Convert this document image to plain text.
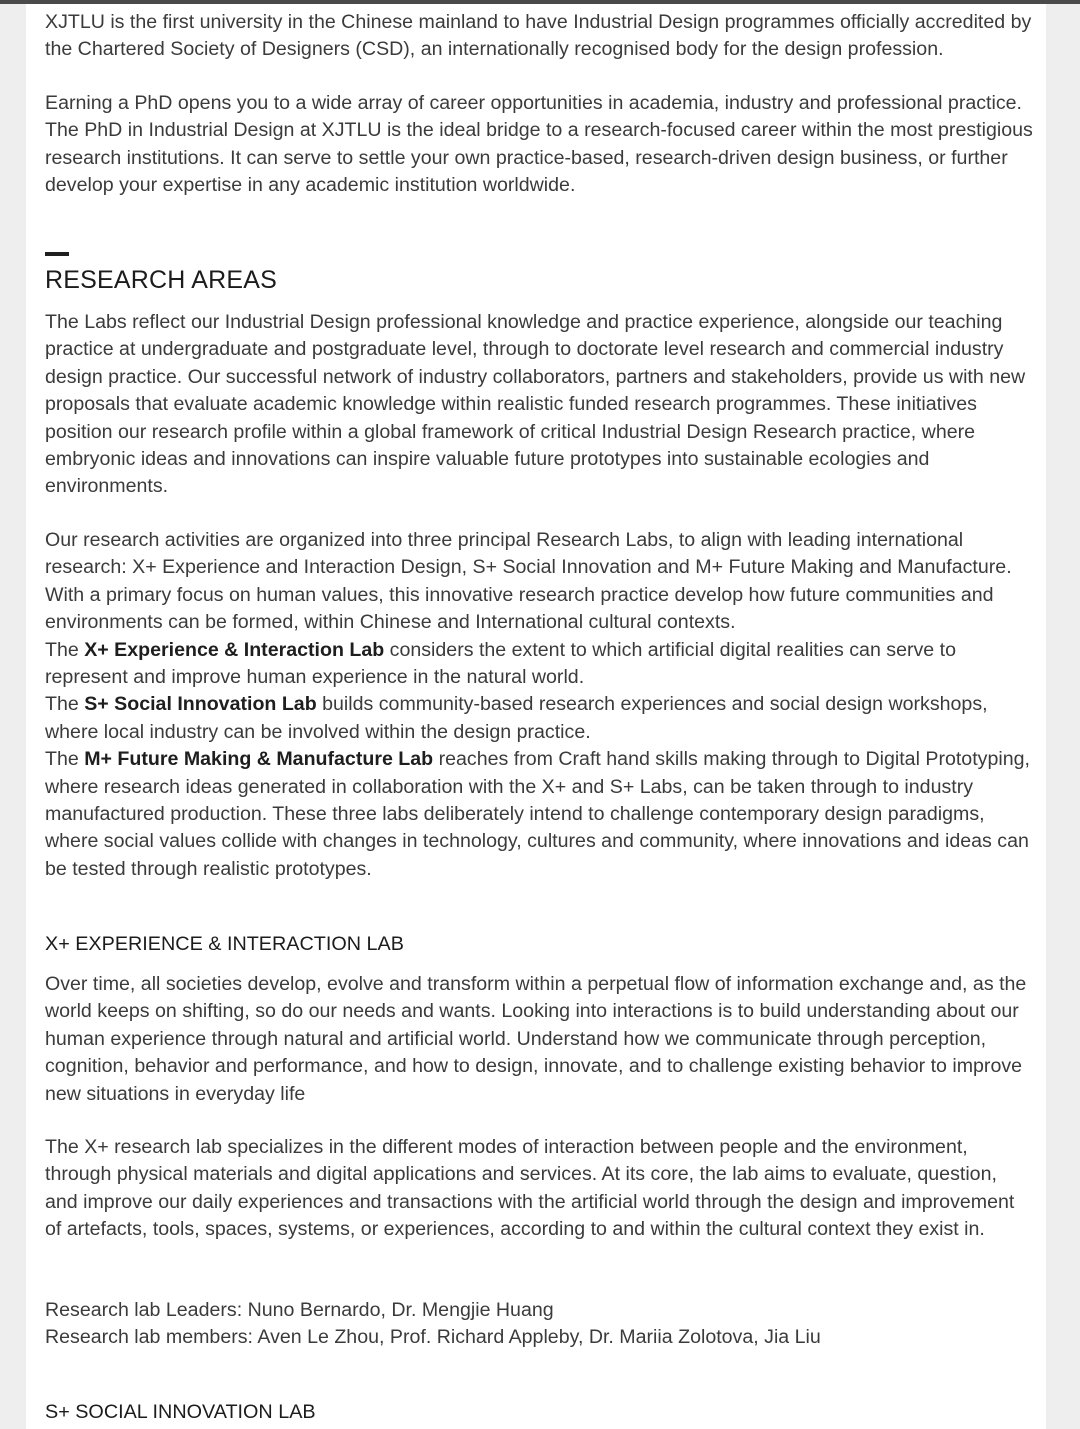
XJTLU is the first university in the Chinese mainland to have Industrial Design programmes officially accredited by the Chartered Society of Designers (CSD), an internationally recognised body for the design profession.

Earning a PhD opens you to a wide array of career opportunities in academia, industry and professional practice. The PhD in Industrial Design at XJTLU is the ideal bridge to a research-focused career within the most prestigious research institutions. It can serve to settle your own practice-based, research-driven design business, or further develop your expertise in any academic institution worldwide.

RESEARCH AREAS

The Labs reflect our Industrial Design professional knowledge and practice experience, alongside our teaching practice at undergraduate and postgraduate level, through to doctorate level research and commercial industry design practice. Our successful network of industry collaborators, partners and stakeholders, provide us with new proposals that evaluate academic knowledge within realistic funded research programmes. These initiatives position our research profile within a global framework of critical Industrial Design Research practice, where embryonic ideas and innovations can inspire valuable future prototypes into sustainable ecologies and environments.

Our research activities are organized into three principal Research Labs, to align with leading international research: X+ Experience and Interaction Design, S+ Social Innovation and M+ Future Making and Manufacture. With a primary focus on human values, this innovative research practice develop how future communities and environments can be formed, within Chinese and International cultural contexts.

The X+ Experience & Interaction Lab considers the extent to which artificial digital realities can serve to represent and improve human experience in the natural world.

The S+ Social Innovation Lab builds community-based research experiences and social design workshops, where local industry can be involved within the design practice.

The M+ Future Making & Manufacture Lab reaches from Craft hand skills making through to Digital Prototyping, where research ideas generated in collaboration with the X+ and S+ Labs, can be taken through to industry manufactured production. These three labs deliberately intend to challenge contemporary design paradigms, where social values collide with changes in technology, cultures and community, where innovations and ideas can be tested through realistic prototypes.

X+ EXPERIENCE & INTERACTION LAB

Over time, all societies develop, evolve and transform within a perpetual flow of information exchange and, as the world keeps on shifting, so do our needs and wants. Looking into interactions is to build understanding about our human experience through natural and artificial world. Understand how we communicate through perception, cognition, behavior and performance, and how to design, innovate, and to challenge existing behavior to improve new situations in everyday life

The X+ research lab specializes in the different modes of interaction between people and the environment, through physical materials and digital applications and services. At its core, the lab aims to evaluate, question, and improve our daily experiences and transactions with the artificial world through the design and improvement of artefacts, tools, spaces, systems, or experiences, according to and within the cultural context they exist in.

Research lab Leaders: Nuno Bernardo, Dr. Mengjie Huang

Research lab members: Aven Le Zhou, Prof. Richard Appleby, Dr. Mariia Zolotova, Jia Liu

S+ SOCIAL INNOVATION LAB
